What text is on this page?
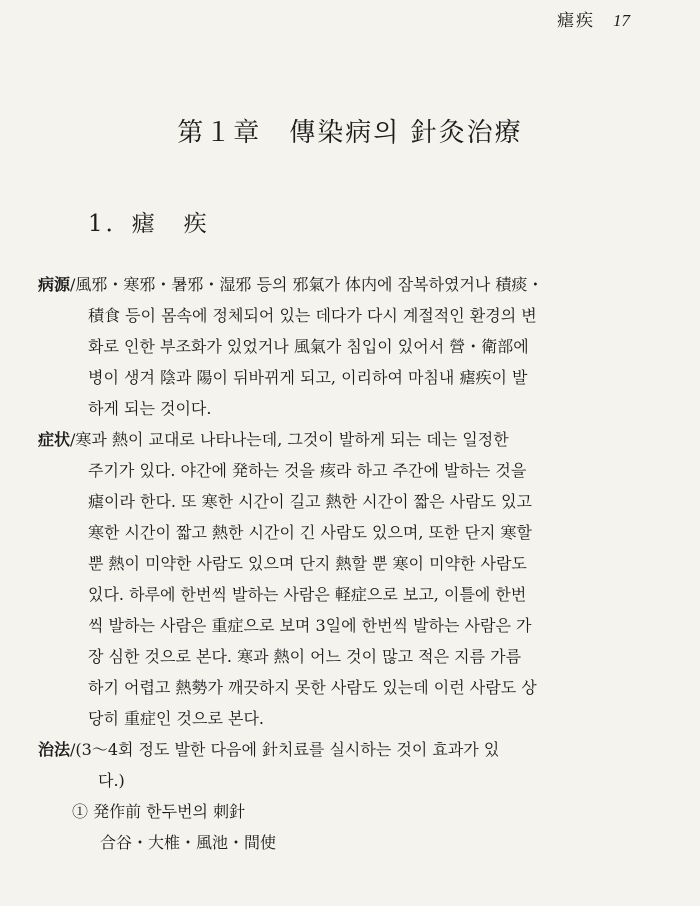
瘧疾 17
第１章　傳染病의 針灸治療
1．瘧　疾
病源/風邪・寒邪・暑邪・湿邪 등의 邪氣가 体内에 잠복하였거나 積痰・
積食 등이 몸속에 정체되어 있는 데다가 다시 계절적인 환경의 변
화로 인한 부조화가 있었거나 風氣가 침입이 있어서 營・衛部에
병이 생겨 陰과 陽이 뒤바뀌게 되고, 이리하여 마침내 瘧疾이 발
하게 되는 것이다.
症状/寒과 熱이 교대로 나타나는데, 그것이 발하게 되는 데는 일정한
주기가 있다. 야간에 発하는 것을 痎라 하고 주간에 발하는 것을
瘧이라 한다. 또 寒한 시간이 길고 熱한 시간이 짧은 사람도 있고
寒한 시간이 짧고 熱한 시간이 긴 사람도 있으며, 또한 단지 寒할
뿐 熱이 미약한 사람도 있으며 단지 熱할 뿐 寒이 미약한 사람도
있다. 하루에 한번씩 발하는 사람은 軽症으로 보고, 이틀에 한번
씩 발하는 사람은 重症으로 보며 3일에 한번씩 발하는 사람은 가
장 심한 것으로 본다. 寒과 熱이 어느 것이 많고 적은 지름 가름
하기 어렵고 熱勢가 깨끗하지 못한 사람도 있는데 이런 사람도 상
당히 重症인 것으로 본다.
治法/(3～4회 정도 발한 다음에 針치료를 실시하는 것이 효과가 있
다.)
① 発作前 한두번의 刺針
合谷・大椎・風池・間使
